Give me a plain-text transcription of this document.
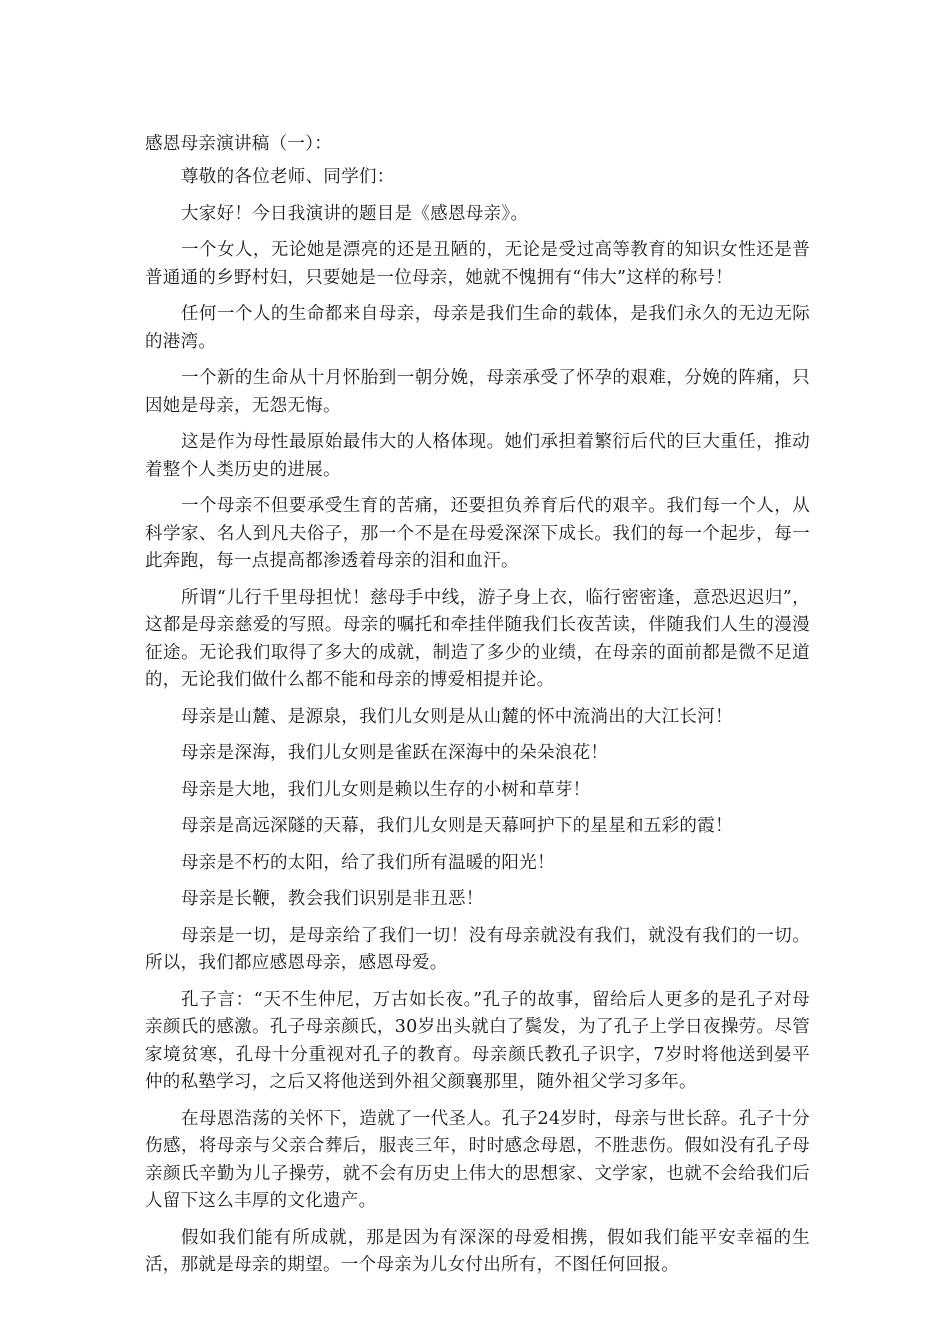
感恩母亲演讲稿（一）：

尊敬的各位老师、同学们：

大家好！今日我演讲的题目是《感恩母亲》。

一个女人，无论她是漂亮的还是丑陋的，无论是受过高等教育的知识女性还是普普通通的乡野村妇，只要她是一位母亲，她就不愧拥有“伟大”这样的称号！

任何一个人的生命都来自母亲，母亲是我们生命的载体，是我们永久的无边无际的港湾。

一个新的生命从十月怀胎到一朝分娩，母亲承受了怀孕的艰难，分娩的阵痛，只因她是母亲，无怨无悔。

这是作为母性最原始最伟大的人格体现。她们承担着繁衍后代的巨大重任，推动着整个人类历史的进展。

一个母亲不但要承受生育的苦痛，还要担负养育后代的艰辛。我们每一个人，从科学家、名人到凡夫俗子，那一个不是在母爱深深下成长。我们的每一个起步，每一此奔跑，每一点提高都渗透着母亲的泪和血汗。

所谓“儿行千里母担忧！慈母手中线，游子身上衣，临行密密逢，意恐迟迟归”，这都是母亲慈爱的写照。母亲的嘱托和牵挂伴随我们长夜苦读，伴随我们人生的漫漫征途。无论我们取得了多大的成就，制造了多少的业绩，在母亲的面前都是微不足道的，无论我们做什么都不能和母亲的博爱相提并论。

母亲是山麓、是源泉，我们儿女则是从山麓的怀中流淌出的大江长河！

母亲是深海，我们儿女则是雀跃在深海中的朵朵浪花！

母亲是大地，我们儿女则是赖以生存的小树和草芽！

母亲是高远深隧的天幕，我们儿女则是天幕呵护下的星星和五彩的霞！

母亲是不朽的太阳，给了我们所有温暖的阳光！

母亲是长鞭，教会我们识别是非丑恶！

母亲是一切，是母亲给了我们一切！没有母亲就没有我们，就没有我们的一切。所以，我们都应感恩母亲，感恩母爱。

孔子言：“天不生仲尼，万古如长夜。”孔子的故事，留给后人更多的是孔子对母亲颜氏的感激。孔子母亲颜氏，30岁出头就白了鬓发，为了孔子上学日夜操劳。尽管家境贫寒，孔母十分重视对孔子的教育。母亲颜氏教孔子识字，7岁时将他送到晏平仲的私塾学习，之后又将他送到外祖父颜襄那里，随外祖父学习多年。

在母恩浩荡的关怀下，造就了一代圣人。孔子24岁时，母亲与世长辞。孔子十分伤感，将母亲与父亲合葬后，服丧三年，时时感念母恩，不胜悲伤。假如没有孔子母亲颜氏辛勤为儿子操劳，就不会有历史上伟大的思想家、文学家，也就不会给我们后人留下这么丰厚的文化遗产。

假如我们能有所成就，那是因为有深深的母爱相携，假如我们能平安幸福的生活，那就是母亲的期望。一个母亲为儿女付出所有，不图任何回报。
